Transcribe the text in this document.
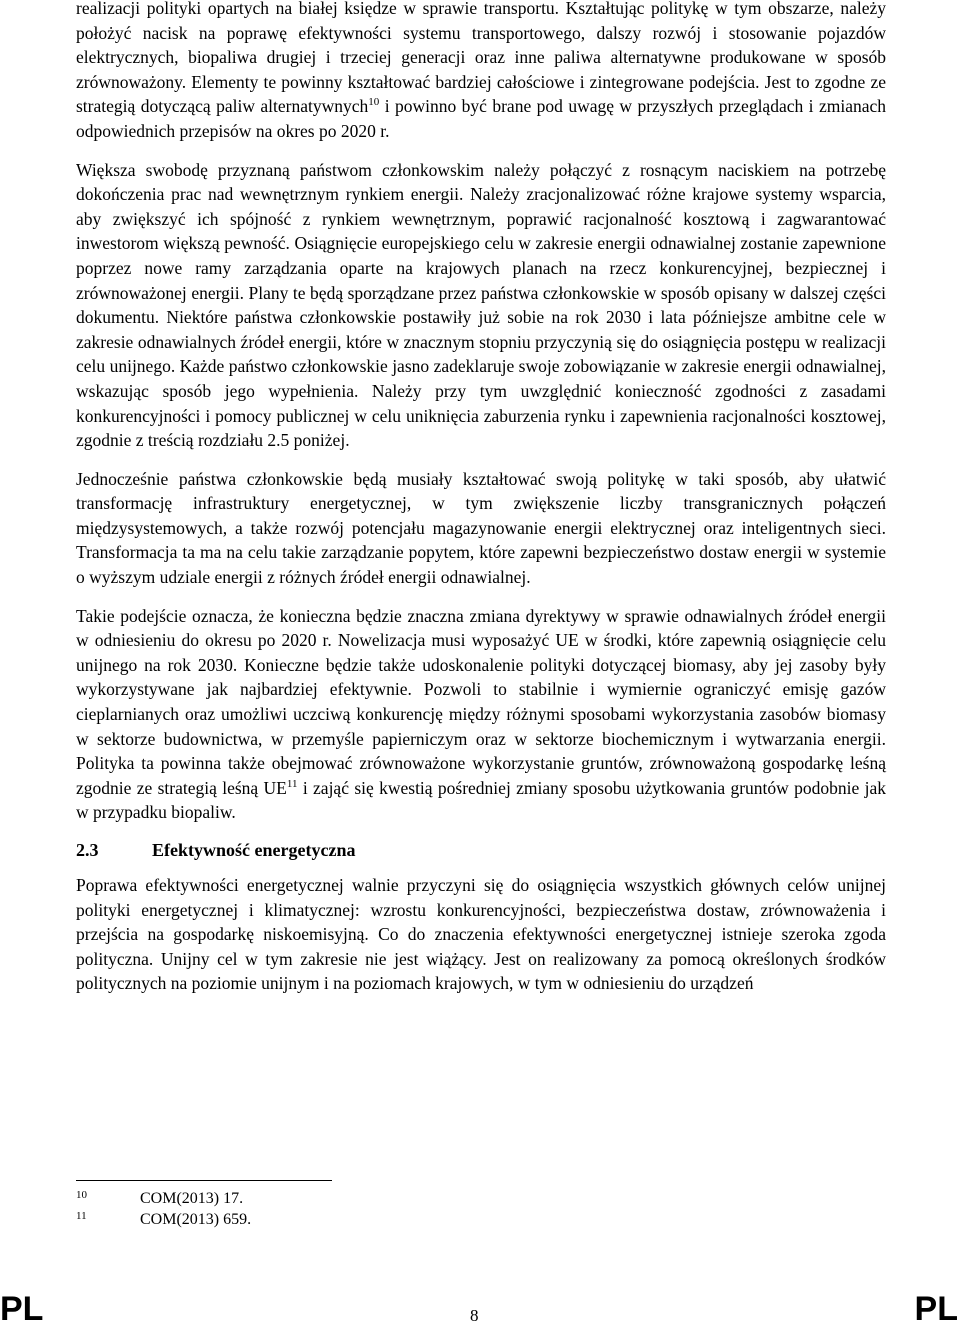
realizacji polityki opartych na białej księdze w sprawie transportu. Kształtując politykę w tym obszarze, należy położyć nacisk na poprawę efektywności systemu transportowego, dalszy rozwój i stosowanie pojazdów elektrycznych, biopaliwa drugiej i trzeciej generacji oraz inne paliwa alternatywne produkowane w sposób zrównoważony. Elementy te powinny kształtować bardziej całościowe i zintegrowane podejścia. Jest to zgodne ze strategią dotyczącą paliw alternatywnych$^{10}$ i powinno być brane pod uwagę w przyszłych przeglądach i zmianach odpowiednich przepisów na okres po 2020 r.

Większa swobodę przyznaną państwom członkowskim należy połączyć z rosnącym naciskiem na potrzebę dokończenia prac nad wewnętrznym rynkiem energii. Należy zracjonalizować różne krajowe systemy wsparcia, aby zwiększyć ich spójność z rynkiem wewnętrznym, poprawić racjonalność kosztową i zagwarantować inwestorom większą pewność. Osiągnięcie europejskiego celu w zakresie energii odnawialnej zostanie zapewnione poprzez nowe ramy zarządzania oparte na krajowych planach na rzecz konkurencyjnej, bezpiecznej i zrównoważonej energii. Plany te będą sporządzane przez państwa członkowskie w sposób opisany w dalszej części dokumentu. Niektóre państwa członkowskie postawiły już sobie na rok 2030 i lata późniejsze ambitne cele w zakresie odnawialnych źródeł energii, które w znacznym stopniu przyczynią się do osiągnięcia postępu w realizacji celu unijnego. Każde państwo członkowskie jasno zadeklaruje swoje zobowiązanie w zakresie energii odnawialnej, wskazując sposób jego wypełnienia. Należy przy tym uwzględnić konieczność zgodności z zasadami konkurencyjności i pomocy publicznej w celu uniknięcia zaburzenia rynku i zapewnienia racjonalności kosztowej, zgodnie z treścią rozdziału 2.5 poniżej.

Jednocześnie państwa członkowskie będą musiały kształtować swoją politykę w taki sposób, aby ułatwić transformację infrastruktury energetycznej, w tym zwiększenie liczby transgranicznych połączeń międzysystemowych, a także rozwój potencjału magazynowanie energii elektrycznej oraz inteligentnych sieci. Transformacja ta ma na celu takie zarządzanie popytem, które zapewni bezpieczeństwo dostaw energii w systemie o wyższym udziale energii z różnych źródeł energii odnawialnej.

Takie podejście oznacza, że konieczna będzie znaczna zmiana dyrektywy w sprawie odnawialnych źródeł energii w odniesieniu do okresu po 2020 r. Nowelizacja musi wyposażyć UE w środki, które zapewnią osiągnięcie celu unijnego na rok 2030. Konieczne będzie także udoskonalenie polityki dotyczącej biomasy, aby jej zasoby były wykorzystywane jak najbardziej efektywnie. Pozwoli to stabilnie i wymiernie ograniczyć emisję gazów cieplarnianych oraz umożliwi uczciwą konkurencję między różnymi sposobami wykorzystania zasobów biomasy w sektorze budownictwa, w przemyśle papierniczym oraz w sektorze biochemicznym i wytwarzania energii. Polityka ta powinna także obejmować zrównoważone wykorzystanie gruntów, zrównoważoną gospodarkę leśną zgodnie ze strategią leśną UE$^{11}$ i zająć się kwestią pośredniej zmiany sposobu użytkowania gruntów podobnie jak w przypadku biopaliw.

2.3	Efektywność energetyczna

Poprawa efektywności energetycznej walnie przyczyni się do osiągnięcia wszystkich głównych celów unijnej polityki energetycznej i klimatycznej: wzrostu konkurencyjności, bezpieczeństwa dostaw, zrównoważenia i przejścia na gospodarkę niskoemisyjną. Co do znaczenia efektywności energetycznej istnieje szeroka zgoda polityczna. Unijny cel w tym zakresie nie jest wiążący. Jest on realizowany za pomocą określonych środków politycznych na poziomie unijnym i na poziomach krajowych, w tym w odniesieniu do urządzeń

10	COM(2013) 17.
11	COM(2013) 659.
PL	8	PL
